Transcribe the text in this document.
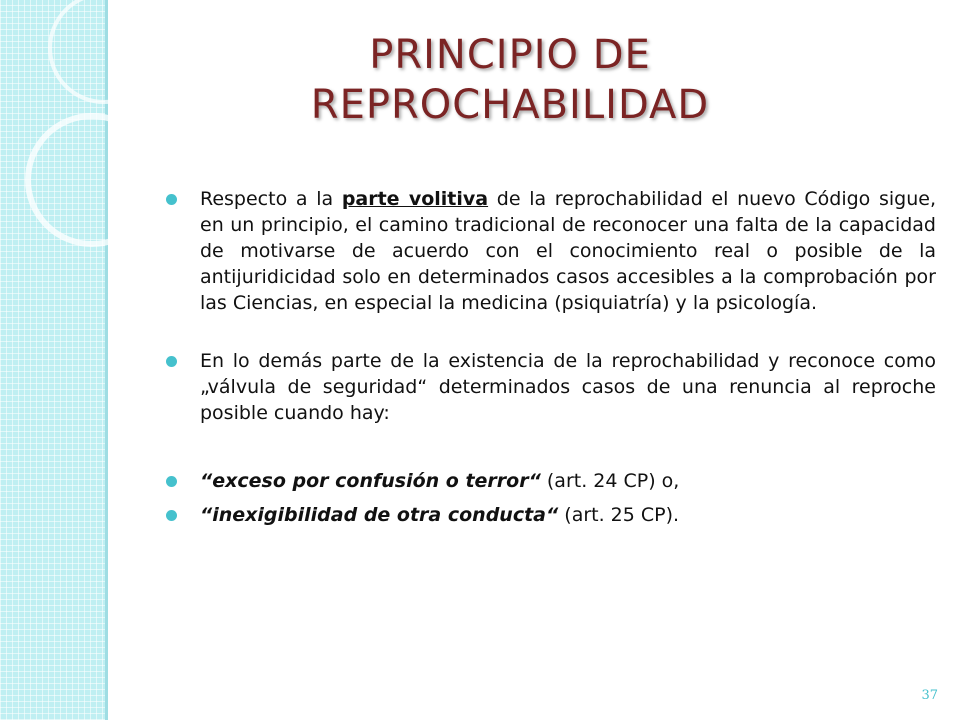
PRINCIPIO DE
REPROCHABILIDAD
Respecto a la parte volitiva de la reprochabilidad el nuevo Código sigue, en un principio, el camino tradicional de reconocer una falta de la capacidad de motivarse de acuerdo con el conocimiento real o posible de la antijuridicidad solo en determinados casos accesibles a la comprobación por las Ciencias, en especial la medicina (psiquiatría) y la psicología.
En lo demás parte de la existencia de la reprochabilidad y reconoce como „válvula de seguridad“ determinados casos de una renuncia al reproche posible cuando hay:
“exceso por confusión o terror“ (art. 24 CP) o,
“inexigibilidad de otra conducta“ (art. 25 CP).
37
